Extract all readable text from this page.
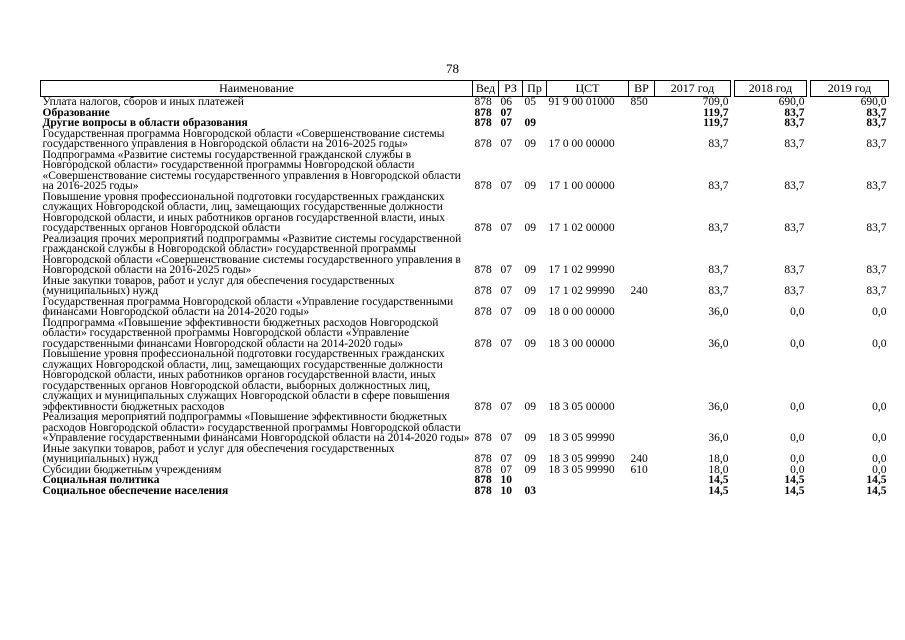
78
Наименование	Вед	РЗ	Пр	ЦСТ	ВР	2017 год		2018 год		2019 год
Уплата налогов, сборов и иных платежей	878	06	05	91 9 00 01000	850	709,0		690,0		690,0
Образование	878	07				119,7		83,7		83,7
Другие вопросы в области образования	878	07	09			119,7		83,7		83,7
Государственная программа Новгородской области «Совершенствование системы государственного управления в Новгородской области на 2016-2025 годы»	878	07	09	17 0 00 00000		83,7		83,7		83,7
Подпрограмма «Развитие системы государственной гражданской службы в Новгородской области» государственной программы Новгородской области «Совершенствование системы государственного управления в Новгородской области на 2016-2025 годы»	878	07	09	17 1 00 00000		83,7		83,7		83,7
Повышение уровня профессиональной подготовки государственных гражданских служащих Новгородской области, лиц, замещающих государственные должности Новгородской области, и иных работников органов государственной власти, иных государственных органов Новгородской области	878	07	09	17 1 02 00000		83,7		83,7		83,7
Реализация прочих мероприятий подпрограммы «Развитие системы государственной гражданской службы в Новгородской области» государственной программы Новгородской области «Совершенствование системы государственного управления в Новгородской области на 2016-2025 годы»	878	07	09	17 1 02 99990		83,7		83,7		83,7
Иные закупки товаров, работ и услуг для обеспечения государственных (муниципальных) нужд	878	07	09	17 1 02 99990	240	83,7		83,7		83,7
Государственная программа Новгородской области «Управление государственными финансами Новгородской области на 2014-2020 годы»	878	07	09	18 0 00 00000		36,0		0,0		0,0
Подпрограмма «Повышение эффективности бюджетных расходов Новгородской области» государственной программы Новгородской области «Управление государственными финансами Новгородской области на 2014-2020 годы»	878	07	09	18 3 00 00000		36,0		0,0		0,0
Повышение уровня профессиональной подготовки государственных гражданских служащих Новгородской области, лиц, замещающих государственные должности Новгородской области, иных работников органов государственной власти, иных государственных органов Новгородской области, выборных должностных лиц, служащих и муниципальных служащих Новгородской области в сфере повышения эффективности бюджетных расходов	878	07	09	18 3 05 00000		36,0		0,0		0,0
Реализация мероприятий подпрограммы «Повышение эффективности бюджетных расходов Новгородской области» государственной программы Новгородской области «Управление государственными финансами Новгородской области на 2014-2020 годы»	878	07	09	18 3 05 99990		36,0		0,0		0,0
Иные закупки товаров, работ и услуг для обеспечения государственных (муниципальных) нужд	878	07	09	18 3 05 99990	240	18,0		0,0		0,0
Субсидии бюджетным учреждениям	878	07	09	18 3 05 99990	610	18,0		0,0		0,0
Социальная политика	878	10				14,5		14,5		14,5
Социальное обеспечение населения	878	10	03			14,5		14,5		14,5
